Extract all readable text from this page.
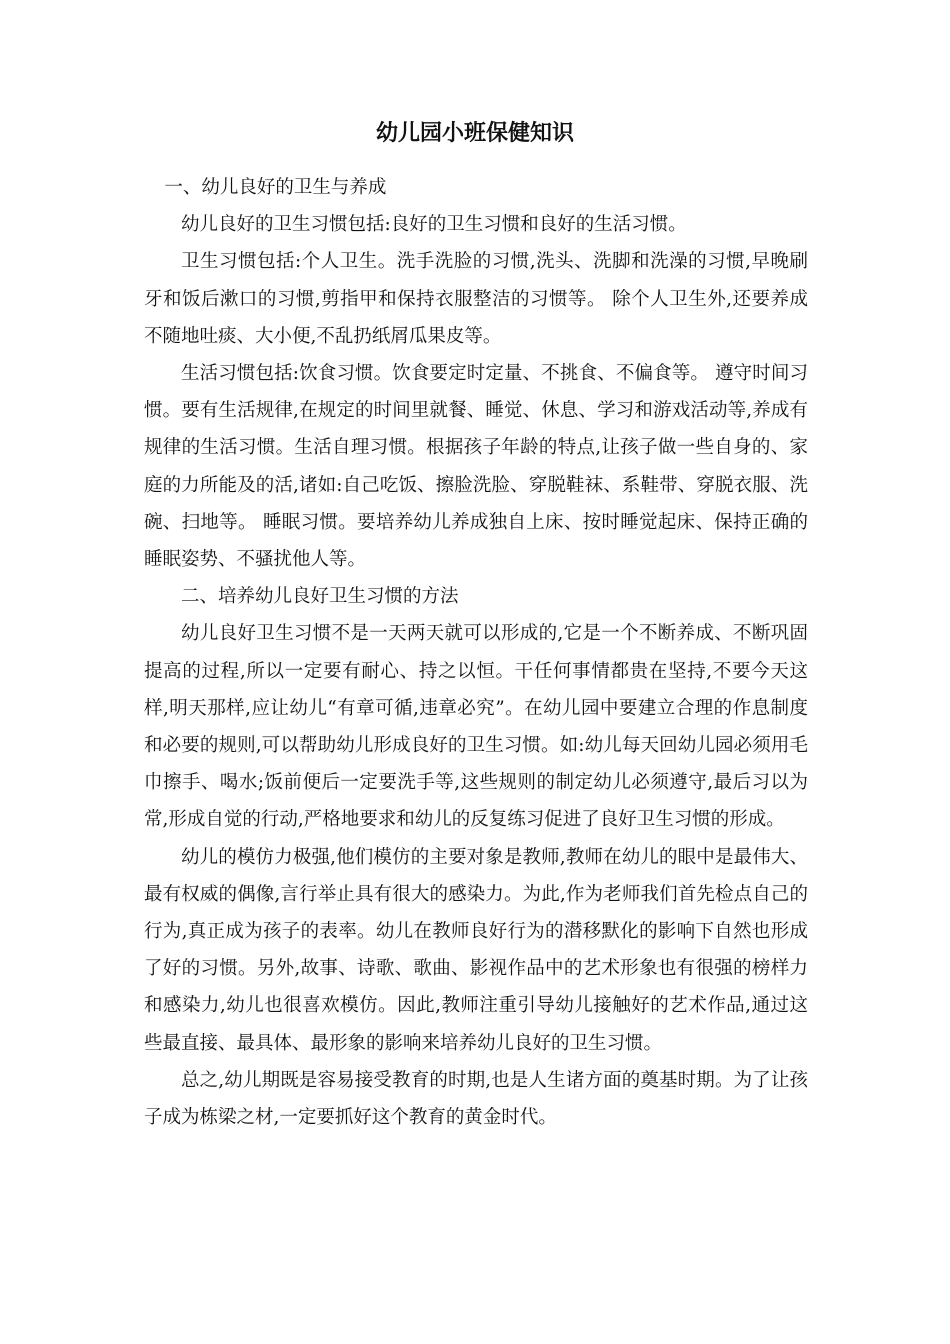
幼儿园小班保健知识

一、幼儿良好的卫生与养成

幼儿良好的卫生习惯包括:良好的卫生习惯和良好的生活习惯。

卫生习惯包括:个人卫生。洗手洗脸的习惯,洗头、洗脚和洗澡的习惯,早晚刷牙和饭后漱口的习惯,剪指甲和保持衣服整洁的习惯等。 除个人卫生外,还要养成不随地吐痰、大小便,不乱扔纸屑瓜果皮等。

生活习惯包括:饮食习惯。饮食要定时定量、不挑食、不偏食等。 遵守时间习惯。要有生活规律,在规定的时间里就餐、睡觉、休息、学习和游戏活动等,养成有规律的生活习惯。生活自理习惯。根据孩子年龄的特点,让孩子做一些自身的、家庭的力所能及的活,诸如:自己吃饭、擦脸洗脸、穿脱鞋袜、系鞋带、穿脱衣服、洗碗、扫地等。 睡眠习惯。要培养幼儿养成独自上床、按时睡觉起床、保持正确的睡眠姿势、不骚扰他人等。

二、培养幼儿良好卫生习惯的方法

幼儿良好卫生习惯不是一天两天就可以形成的,它是一个不断养成、不断巩固提高的过程,所以一定要有耐心、持之以恒。干任何事情都贵在坚持,不要今天这样,明天那样,应让幼儿“有章可循,违章必究”。在幼儿园中要建立合理的作息制度和必要的规则,可以帮助幼儿形成良好的卫生习惯。如:幼儿每天回幼儿园必须用毛巾擦手、喝水;饭前便后一定要洗手等,这些规则的制定幼儿必须遵守,最后习以为常,形成自觉的行动,严格地要求和幼儿的反复练习促进了良好卫生习惯的形成。

幼儿的模仿力极强,他们模仿的主要对象是教师,教师在幼儿的眼中是最伟大、最有权威的偶像,言行举止具有很大的感染力。为此,作为老师我们首先检点自己的行为,真正成为孩子的表率。幼儿在教师良好行为的潜移默化的影响下自然也形成了好的习惯。另外,故事、诗歌、歌曲、影视作品中的艺术形象也有很强的榜样力和感染力,幼儿也很喜欢模仿。因此,教师注重引导幼儿接触好的艺术作品,通过这些最直接、最具体、最形象的影响来培养幼儿良好的卫生习惯。

总之,幼儿期既是容易接受教育的时期,也是人生诸方面的奠基时期。为了让孩子成为栋梁之材,一定要抓好这个教育的黄金时代。
